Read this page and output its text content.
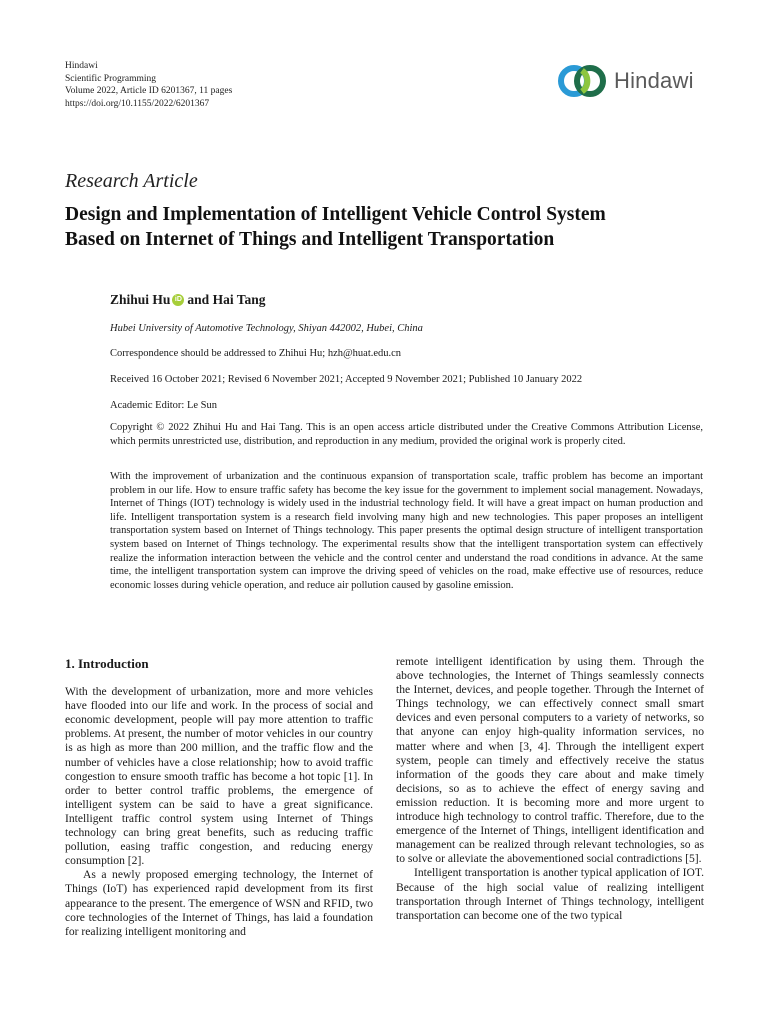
Hindawi
Scientific Programming
Volume 2022, Article ID 6201367, 11 pages
https://doi.org/10.1155/2022/6201367
Hindawi
Research Article
Design and Implementation of Intelligent Vehicle Control System
Based on Internet of Things and Intelligent Transportation
Zhihui Hu iD and Hai Tang
Hubei University of Automotive Technology, Shiyan 442002, Hubei, China
Correspondence should be addressed to Zhihui Hu; hzh@huat.edu.cn
Received 16 October 2021; Revised 6 November 2021; Accepted 9 November 2021; Published 10 January 2022
Academic Editor: Le Sun
Copyright © 2022 Zhihui Hu and Hai Tang. This is an open access article distributed under the Creative Commons Attribution License, which permits unrestricted use, distribution, and reproduction in any medium, provided the original work is properly cited.
With the improvement of urbanization and the continuous expansion of transportation scale, traffic problem has become an important problem in our life. How to ensure traffic safety has become the key issue for the government to implement social management. Nowadays, Internet of Things (IOT) technology is widely used in the industrial technology field. It will have a great impact on human production and life. Intelligent transportation system is a research field involving many high and new technologies. This paper proposes an intelligent transportation system based on Internet of Things technology. This paper presents the optimal design structure of intelligent transportation system based on Internet of Things technology. The experimental results show that the intelligent transportation system can effectively realize the information interaction between the vehicle and the control center and understand the road conditions in advance. At the same time, the intelligent transportation system can improve the driving speed of vehicles on the road, make effective use of resources, reduce economic losses during vehicle operation, and reduce air pollution caused by gasoline emission.
1. Introduction

With the development of urbanization, more and more vehicles have flooded into our life and work. In the process of social and economic development, people will pay more attention to traffic problems. At present, the number of motor vehicles in our country is as high as more than 200 million, and the traffic flow and the number of vehicles have a close relationship; how to avoid traffic congestion to ensure smooth traffic has become a hot topic [1]. In order to better control traffic problems, the emergence of intelligent system can be said to have a great significance. Intelligent traffic control system using Internet of Things technology can bring great benefits, such as reducing traffic pollution, easing traffic congestion, and reducing energy consumption [2].

As a newly proposed emerging technology, the Internet of Things (IoT) has experienced rapid development from its first appearance to the present. The emergence of WSN and RFID, two core technologies of the Internet of Things, has laid a foundation for realizing intelligent monitoring and

remote intelligent identification by using them. Through the above technologies, the Internet of Things seamlessly connects the Internet, devices, and people together. Through the Internet of Things technology, we can effectively connect small smart devices and even personal computers to a variety of networks, so that anyone can enjoy high-quality information services, no matter where and when [3, 4]. Through the intelligent expert system, people can timely and effectively receive the status information of the goods they care about and make timely decisions, so as to achieve the effect of energy saving and emission reduction. It is becoming more and more urgent to introduce high technology to control traffic. Therefore, due to the emergence of the Internet of Things, intelligent identification and management can be realized through relevant technologies, so as to solve or alleviate the abovementioned social contradictions [5].

Intelligent transportation is another typical application of IOT. Because of the high social value of realizing intelligent transportation through Internet of Things technology, intelligent transportation can become one of the two typical
